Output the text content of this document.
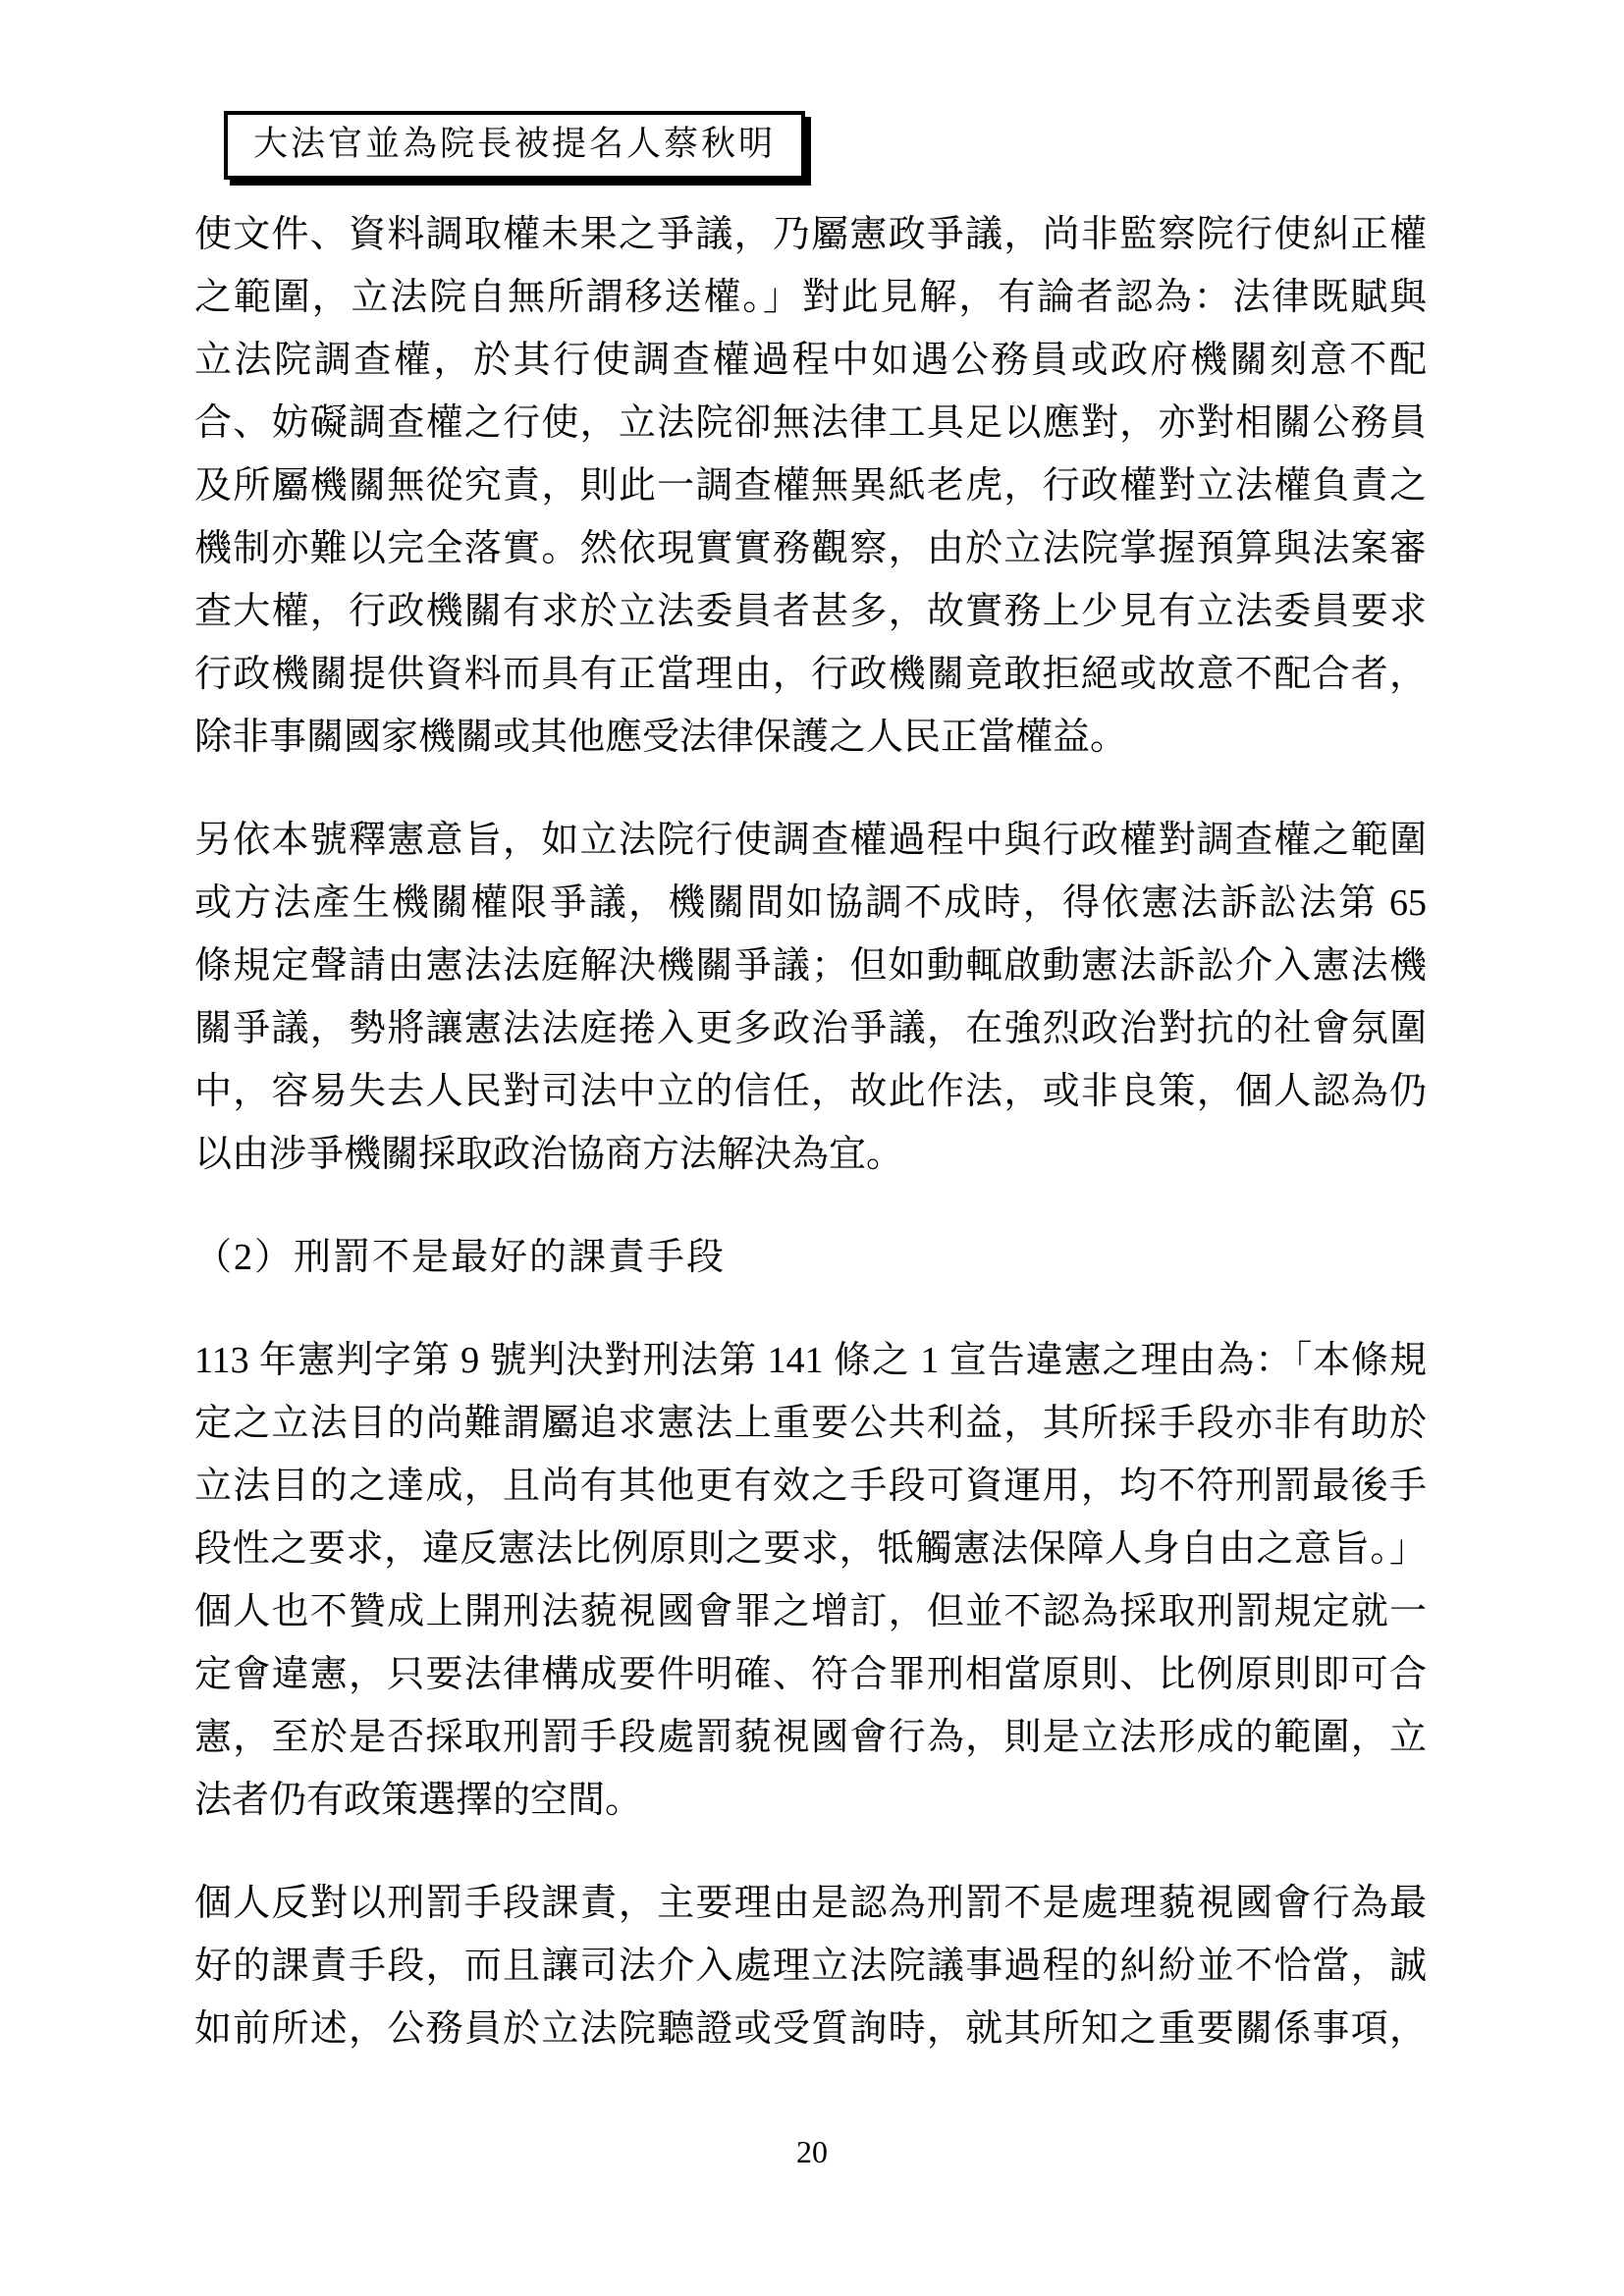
大法官並為院長被提名人蔡秋明
使文件、資料調取權未果之爭議，乃屬憲政爭議，尚非監察院行使糾正權
之範圍，立法院自無所謂移送權。」對此見解，有論者認為：法律既賦與
立法院調查權，於其行使調查權過程中如遇公務員或政府機關刻意不配
合、妨礙調查權之行使，立法院卻無法律工具足以應對，亦對相關公務員
及所屬機關無從究責，則此一調查權無異紙老虎，行政權對立法權負責之
機制亦難以完全落實。然依現實實務觀察，由於立法院掌握預算與法案審
查大權，行政機關有求於立法委員者甚多，故實務上少見有立法委員要求
行政機關提供資料而具有正當理由，行政機關竟敢拒絕或故意不配合者，
除非事關國家機關或其他應受法律保護之人民正當權益。
另依本號釋憲意旨，如立法院行使調查權過程中與行政權對調查權之範圍
或方法產生機關權限爭議，機關間如協調不成時，得依憲法訴訟法第 65
條規定聲請由憲法法庭解決機關爭議；但如動輒啟動憲法訴訟介入憲法機
關爭議，勢將讓憲法法庭捲入更多政治爭議，在強烈政治對抗的社會氛圍
中，容易失去人民對司法中立的信任，故此作法，或非良策，個人認為仍
以由涉爭機關採取政治協商方法解決為宜。
（2）刑罰不是最好的課責手段
113 年憲判字第 9 號判決對刑法第 141 條之 1 宣告違憲之理由為：「本條規
定之立法目的尚難謂屬追求憲法上重要公共利益，其所採手段亦非有助於
立法目的之達成，且尚有其他更有效之手段可資運用，均不符刑罰最後手
段性之要求，違反憲法比例原則之要求，牴觸憲法保障人身自由之意旨。」
個人也不贊成上開刑法藐視國會罪之增訂，但並不認為採取刑罰規定就一
定會違憲，只要法律構成要件明確、符合罪刑相當原則、比例原則即可合
憲，至於是否採取刑罰手段處罰藐視國會行為，則是立法形成的範圍，立
法者仍有政策選擇的空間。
個人反對以刑罰手段課責，主要理由是認為刑罰不是處理藐視國會行為最
好的課責手段，而且讓司法介入處理立法院議事過程的糾紛並不恰當，誠
如前所述，公務員於立法院聽證或受質詢時，就其所知之重要關係事項，
20
